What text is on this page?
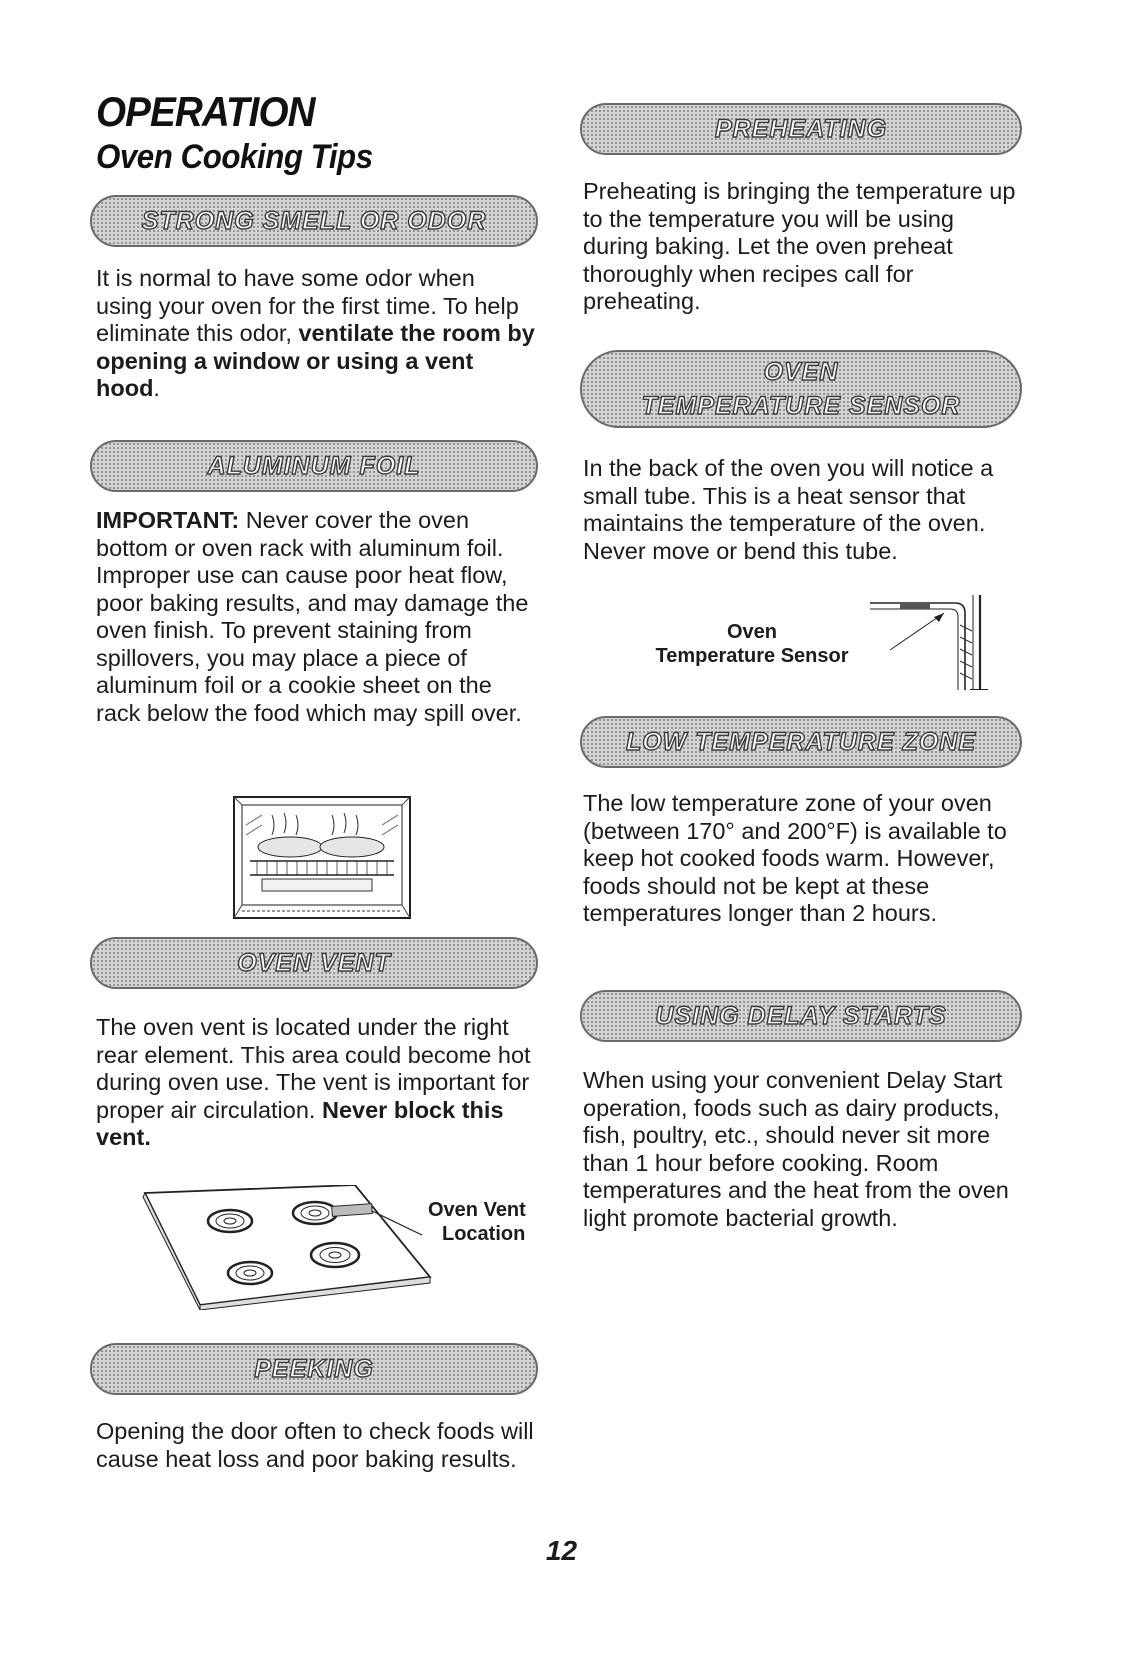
OPERATION
Oven Cooking Tips
STRONG SMELL OR ODOR
It is normal to have some odor when using your oven for the first time. To help eliminate this odor, ventilate the room by opening a window or using a vent hood.
ALUMINUM FOIL
IMPORTANT: Never cover the oven bottom or oven rack with aluminum foil. Improper use can cause poor heat flow, poor baking results, and may damage the oven finish. To prevent staining from spillovers, you may place a piece of aluminum foil or a cookie sheet on the rack below the food which may spill over.
OVEN VENT
The oven vent is located under the right rear element. This area could become hot during oven use. The vent is important for proper air circulation. Never block this vent.
Oven Vent
Location
PEEKING
Opening the door often to check foods will cause heat loss and poor baking results.
PREHEATING
Preheating is bringing the temperature up to the temperature you will be using during baking. Let the oven preheat thoroughly when recipes call for preheating.
OVEN
TEMPERATURE SENSOR
In the back of the oven you will notice a small tube. This is a heat sensor that maintains the temperature of the oven. Never move or bend this tube.
Oven
Temperature Sensor
LOW TEMPERATURE ZONE
The low temperature zone of your oven (between 170° and 200°F) is available to keep hot cooked foods warm. However, foods should not be kept at these temperatures longer than 2 hours.
USING DELAY STARTS
When using your convenient Delay Start operation, foods such as dairy products, fish, poultry, etc., should never sit more than 1 hour before cooking. Room temperatures and the heat from the oven light promote bacterial growth.
12
